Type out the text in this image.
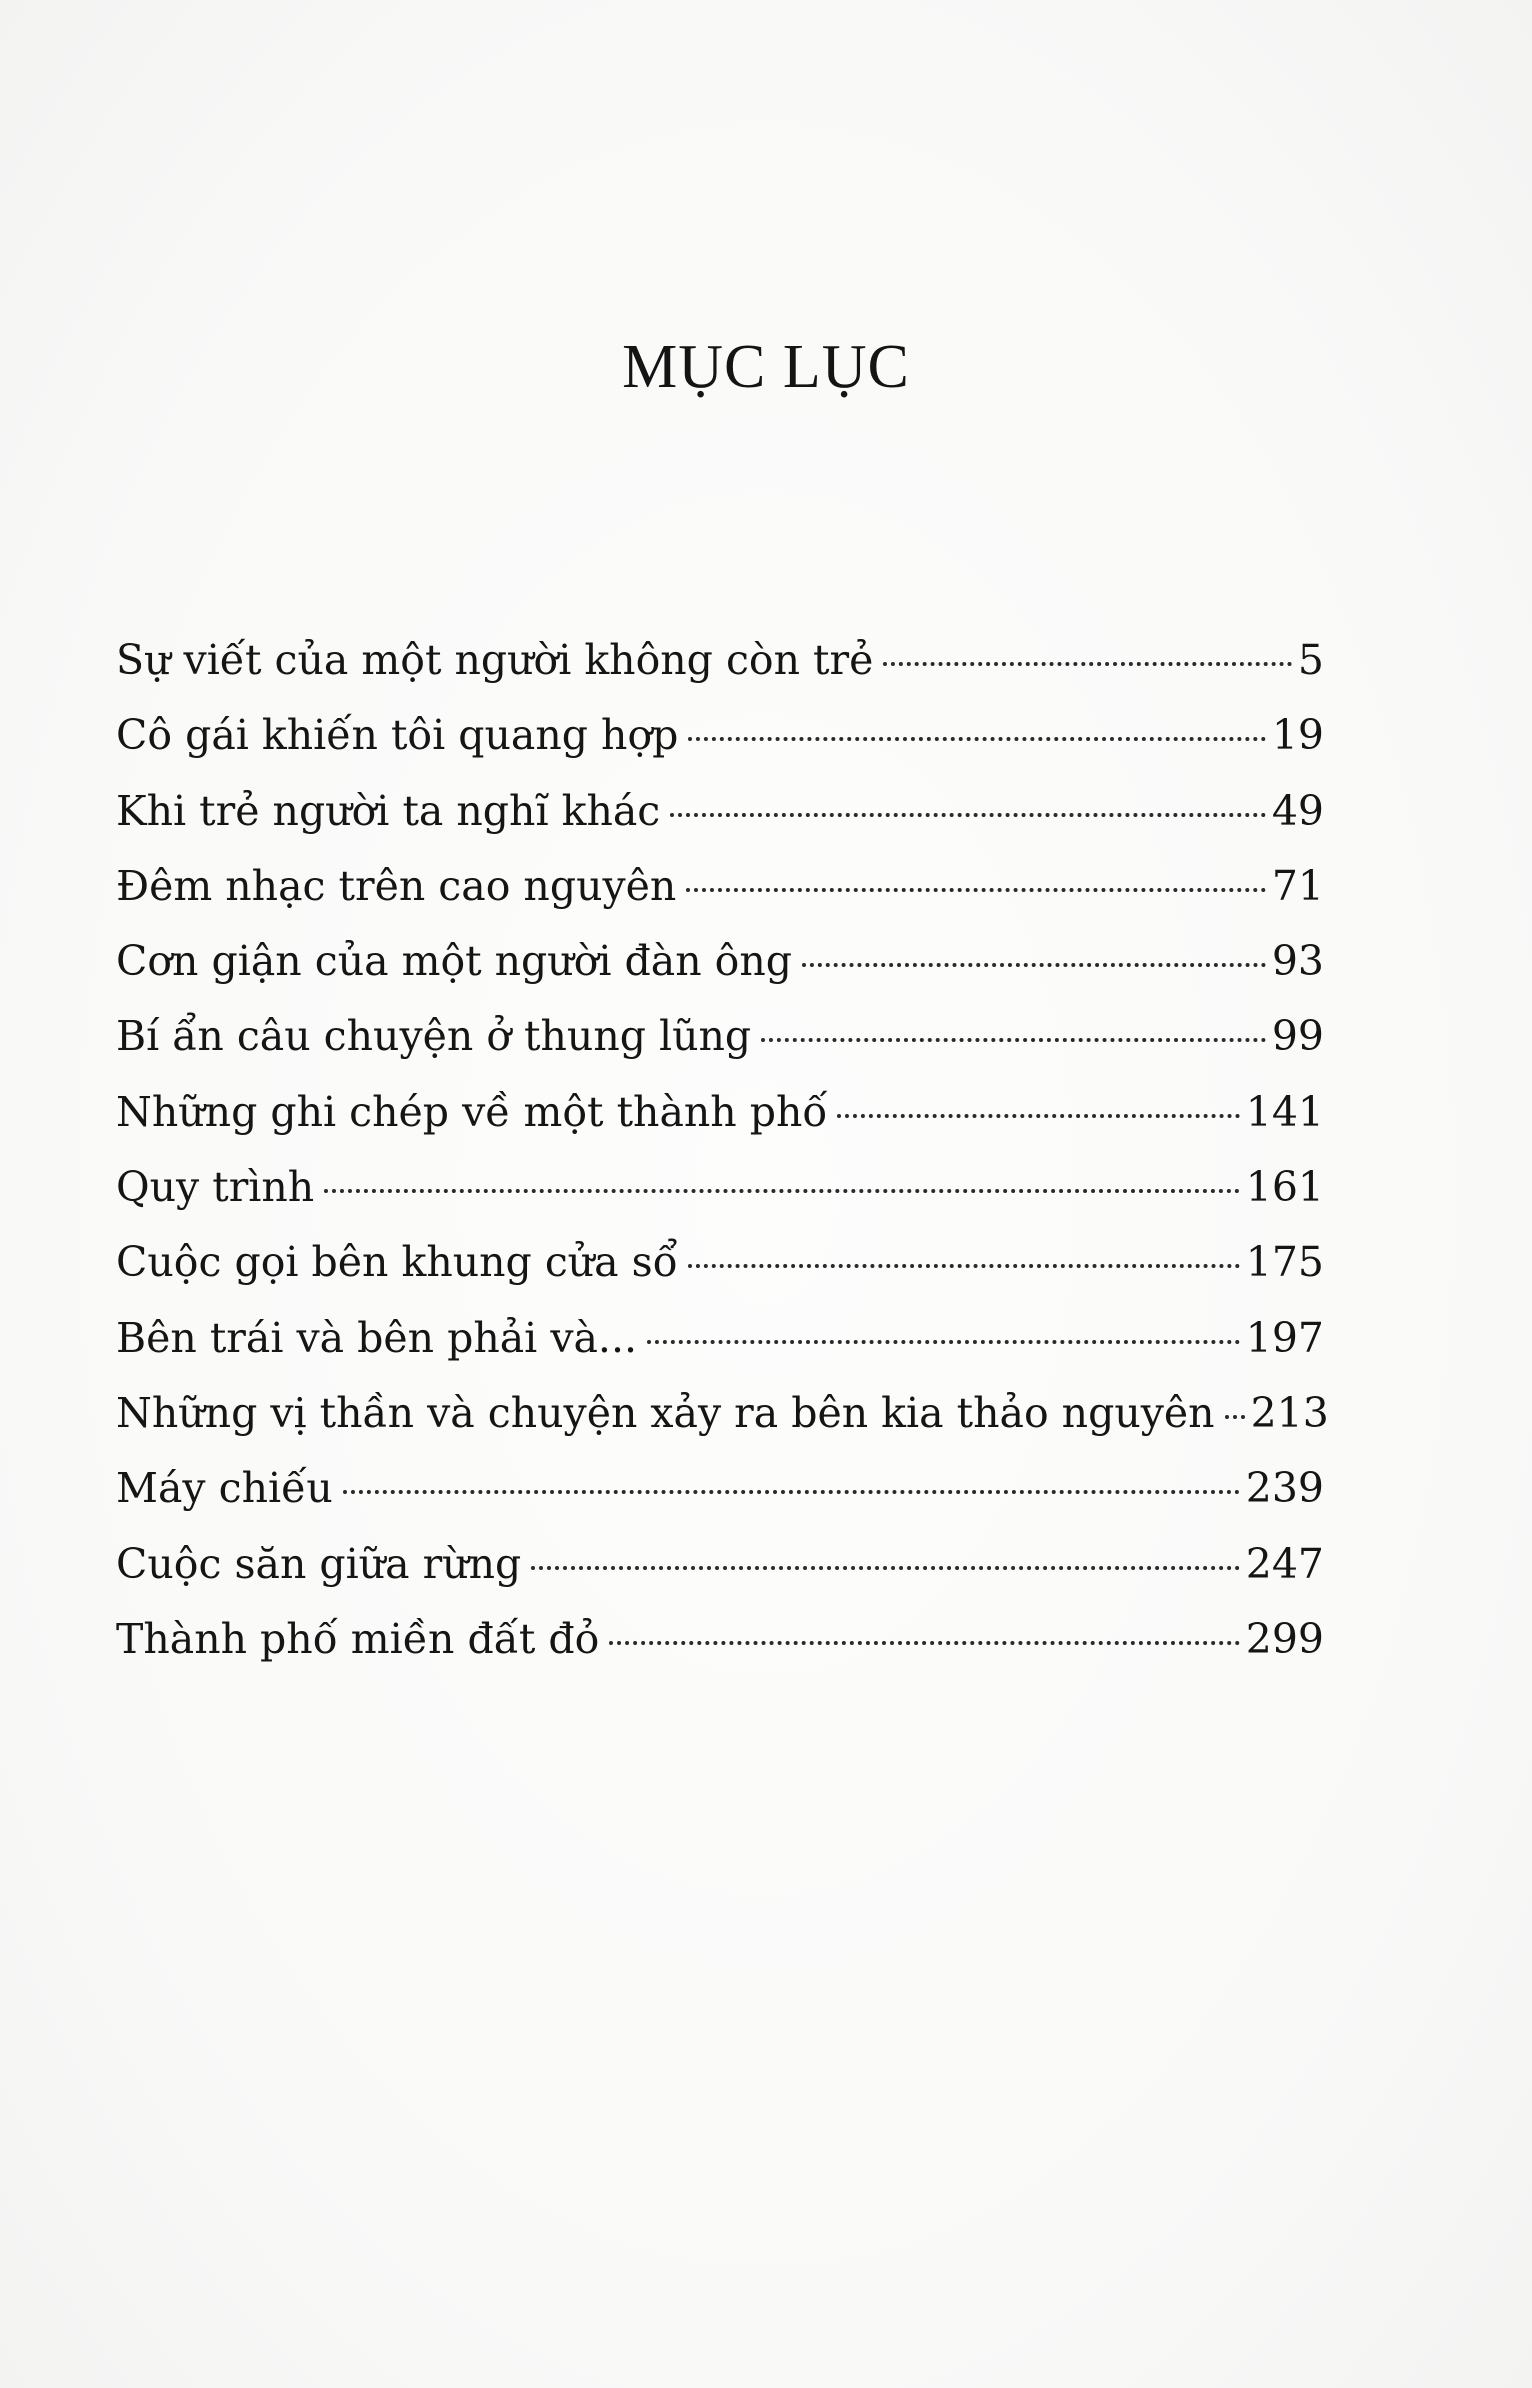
MỤC LỤC
Sự viết của một người không còn trẻ	5
Cô gái khiến tôi quang hợp	19
Khi trẻ người ta nghĩ khác	49
Đêm nhạc trên cao nguyên	71
Cơn giận của một người đàn ông	93
Bí ẩn câu chuyện ở thung lũng	99
Những ghi chép về một thành phố	141
Quy trình	161
Cuộc gọi bên khung cửa sổ	175
Bên trái và bên phải và...	197
Những vị thần và chuyện xảy ra bên kia thảo nguyên 213
Máy chiếu	239
Cuộc săn giữa rừng	247
Thành phố miền đất đỏ	299
